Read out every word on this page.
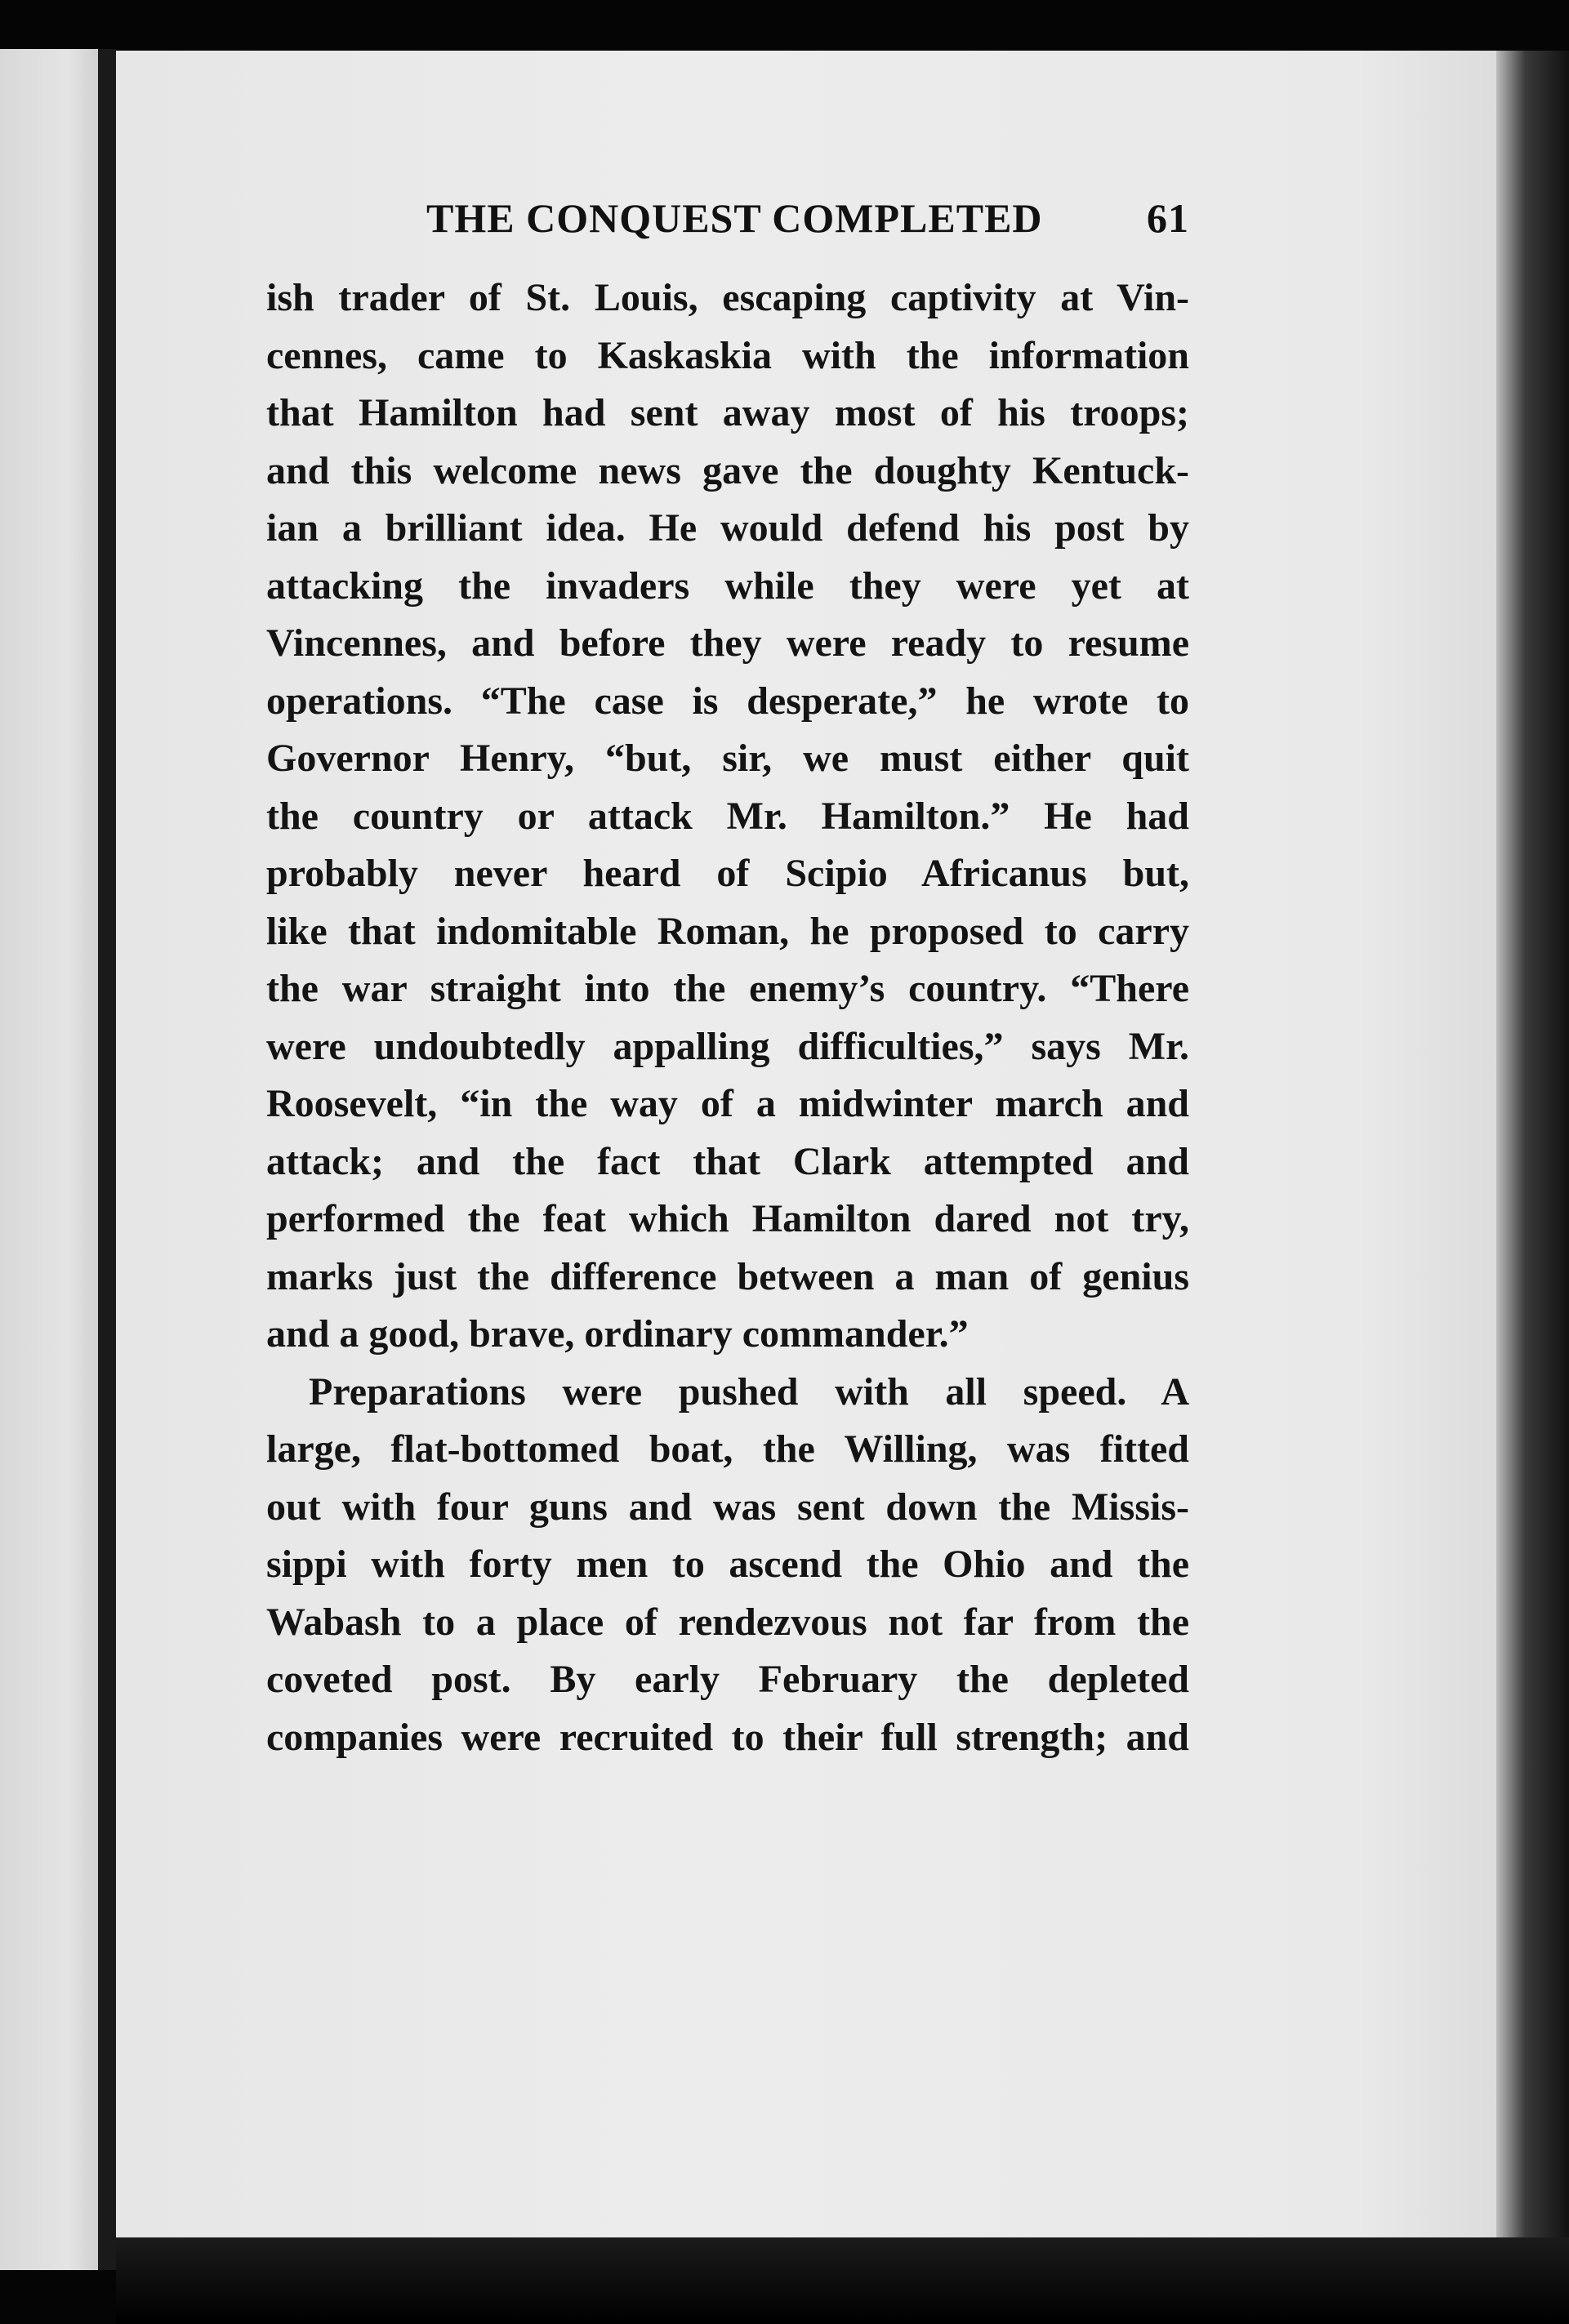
THE CONQUEST COMPLETED	61

ish trader of St. Louis, escaping captivity at Vin-

cennes, came to Kaskaskia with the information

that Hamilton had sent away most of his troops;

and this welcome news gave the doughty Kentuck-

ian a brilliant idea. He would defend his post by

attacking the invaders while they were yet at

Vincennes, and before they were ready to resume

operations. “The case is desperate,” he wrote to

Governor Henry, “but, sir, we must either quit

the country or attack Mr. Hamilton.” He had

probably never heard of Scipio Africanus but,

like that indomitable Roman, he proposed to carry

the war straight into the enemy’s country. “There

were undoubtedly appalling difficulties,” says Mr.

Roosevelt, “in the way of a midwinter march and

attack; and the fact that Clark attempted and

performed the feat which Hamilton dared not try,

marks just the difference between a man of genius

and a good, brave, ordinary commander.”

Preparations were pushed with all speed. A

large, flat-bottomed boat, the Willing, was fitted

out with four guns and was sent down the Missis-

sippi with forty men to ascend the Ohio and the

Wabash to a place of rendezvous not far from the

coveted post. By early February the depleted

companies were recruited to their full strength; and
